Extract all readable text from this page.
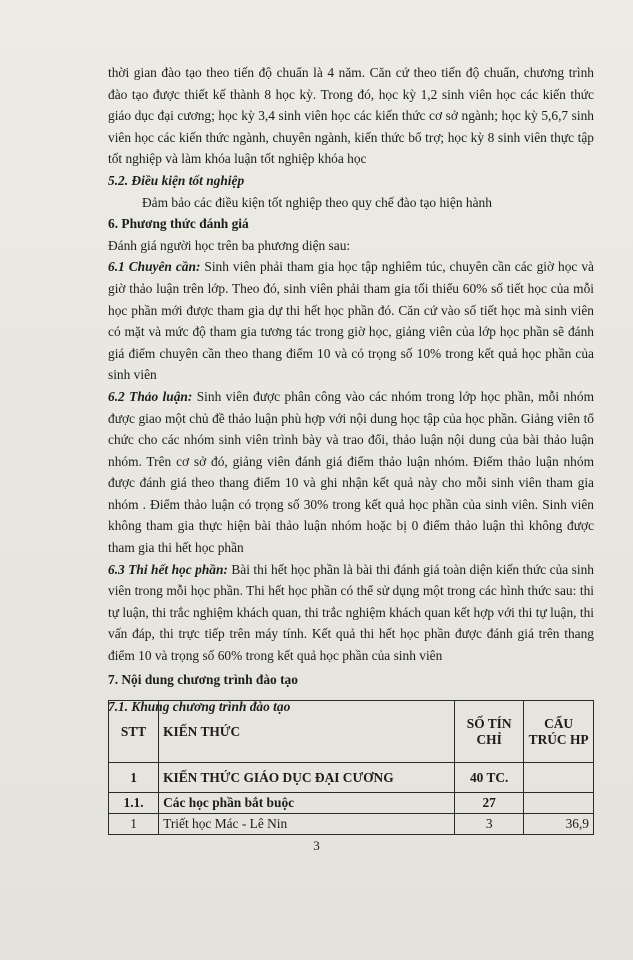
thời gian đào tạo theo tiến độ chuẩn là 4 năm. Căn cứ theo tiến độ chuẩn, chương trình đào tạo được thiết kế thành 8 học kỳ. Trong đó, học kỳ 1,2 sinh viên học các kiến thức giáo dục đại cương; học kỳ 3,4 sinh viên học các kiến thức cơ sở ngành; học kỳ 5,6,7 sinh viên học các kiến thức ngành, chuyên ngành, kiến thức bổ trợ; học kỳ 8 sinh viên thực tập tốt nghiệp và làm khóa luận tốt nghiệp khóa học

5.2. Điều kiện tốt nghiệp

Đảm bảo các điều kiện tốt nghiệp theo quy chế đào tạo hiện hành

6. Phương thức đánh giá

Đánh giá người học trên ba phương diện sau:

6.1 Chuyên cần: Sinh viên phải tham gia học tập nghiêm túc, chuyên cần các giờ học và giờ thảo luận trên lớp. Theo đó, sinh viên phải tham gia tối thiểu 60% số tiết học của mỗi học phần mới được tham gia dự thi hết học phần đó. Căn cứ vào số tiết học mà sinh viên có mặt và mức độ tham gia tương tác trong giờ học, giảng viên của lớp học phần sẽ đánh giá điểm chuyên cần theo thang điểm 10 và có trọng số 10% trong kết quả học phần của sinh viên

6.2 Thảo luận: Sinh viên được phân công vào các nhóm trong lớp học phần, mỗi nhóm được giao một chủ đề thảo luận phù hợp với nội dung học tập của học phần. Giảng viên tổ chức cho các nhóm sinh viên trình bày và trao đổi, thảo luận nội dung của bài thảo luận nhóm. Trên cơ sở đó, giảng viên đánh giá điểm thảo luận nhóm. Điểm thảo luận nhóm được đánh giá theo thang điểm 10 và ghi nhận kết quả này cho mỗi sinh viên tham gia nhóm . Điểm thảo luận có trọng số 30% trong kết quả học phần của sinh viên. Sinh viên không tham gia thực hiện bài thảo luận nhóm hoặc bị 0 điểm thảo luận thì không được tham gia thi hết học phần

6.3 Thi hết học phần: Bài thi hết học phần là bài thi đánh giá toàn diện kiến thức của sinh viên trong mỗi học phần. Thi hết học phần có thể sử dụng một trong các hình thức sau: thi tự luận, thi trắc nghiệm khách quan, thi trắc nghiệm khách quan kết hợp với thi tự luận, thi vấn đáp, thi trực tiếp trên máy tính. Kết quả thi hết học phần được đánh giá trên thang điểm 10 và trọng số 60% trong kết quả học phần của sinh viên

7. Nội dung chương trình đào tạo

7.1. Khung chương trình đào tạo

STT	KIẾN THỨC	SỐ TÍN CHỈ	CẤU TRÚC HP
1	KIẾN THỨC GIÁO DỤC ĐẠI CƯƠNG	40 TC.	
1.1.	Các học phần bắt buộc	27	
1	Triết học Mác - Lê Nin	3	36,9
3
